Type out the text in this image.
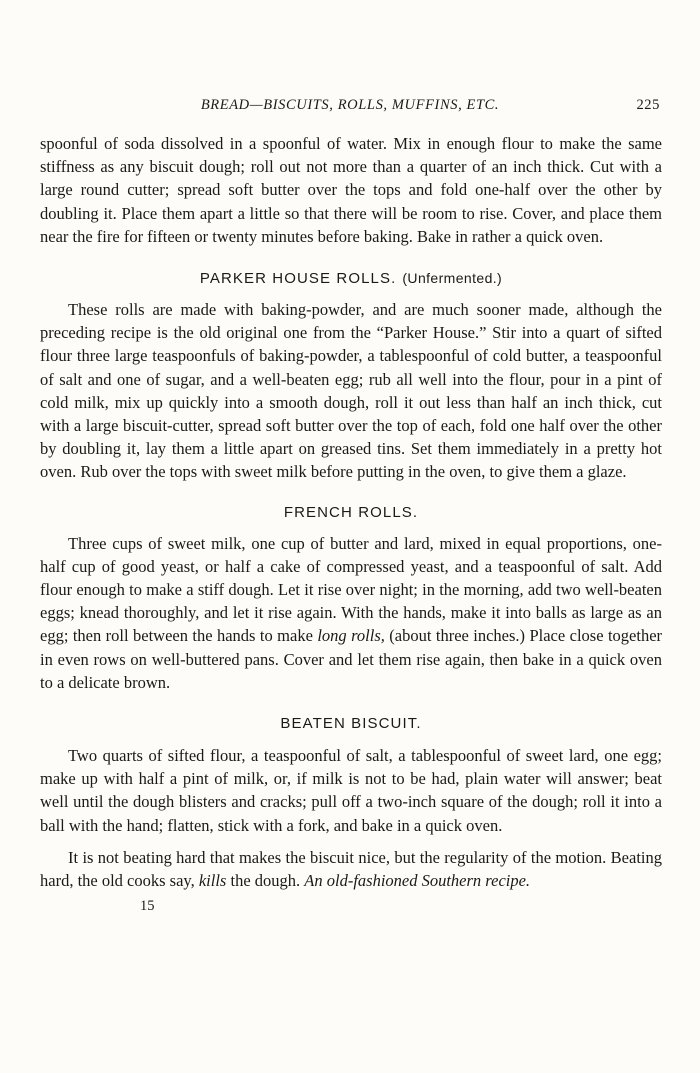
BREAD—BISCUITS, ROLLS, MUFFINS, ETC.	225

spoonful of soda dissolved in a spoonful of water. Mix in enough flour to make the same stiffness as any biscuit dough; roll out not more than a quarter of an inch thick. Cut with a large round cutter; spread soft butter over the tops and fold one-half over the other by doubling it. Place them apart a little so that there will be room to rise. Cover, and place them near the fire for fifteen or twenty minutes before baking. Bake in rather a quick oven.

PARKER HOUSE ROLLS. (Unfermented.)

These rolls are made with baking-powder, and are much sooner made, although the preceding recipe is the old original one from the “Parker House.” Stir into a quart of sifted flour three large teaspoonfuls of baking-powder, a tablespoonful of cold butter, a teaspoonful of salt and one of sugar, and a well-beaten egg; rub all well into the flour, pour in a pint of cold milk, mix up quickly into a smooth dough, roll it out less than half an inch thick, cut with a large biscuit-cutter, spread soft butter over the top of each, fold one half over the other by doubling it, lay them a little apart on greased tins. Set them immediately in a pretty hot oven. Rub over the tops with sweet milk before putting in the oven, to give them a glaze.

FRENCH ROLLS.

Three cups of sweet milk, one cup of butter and lard, mixed in equal proportions, one-half cup of good yeast, or half a cake of compressed yeast, and a teaspoonful of salt. Add flour enough to make a stiff dough. Let it rise over night; in the morning, add two well-beaten eggs; knead thoroughly, and let it rise again. With the hands, make it into balls as large as an egg; then roll between the hands to make long rolls, (about three inches.) Place close together in even rows on well-buttered pans. Cover and let them rise again, then bake in a quick oven to a delicate brown.

BEATEN BISCUIT.

Two quarts of sifted flour, a teaspoonful of salt, a tablespoonful of sweet lard, one egg; make up with half a pint of milk, or, if milk is not to be had, plain water will answer; beat well until the dough blisters and cracks; pull off a two-inch square of the dough; roll it into a ball with the hand; flatten, stick with a fork, and bake in a quick oven.

It is not beating hard that makes the biscuit nice, but the regularity of the motion. Beating hard, the old cooks say, kills the dough. An old-fashioned Southern recipe.

15
